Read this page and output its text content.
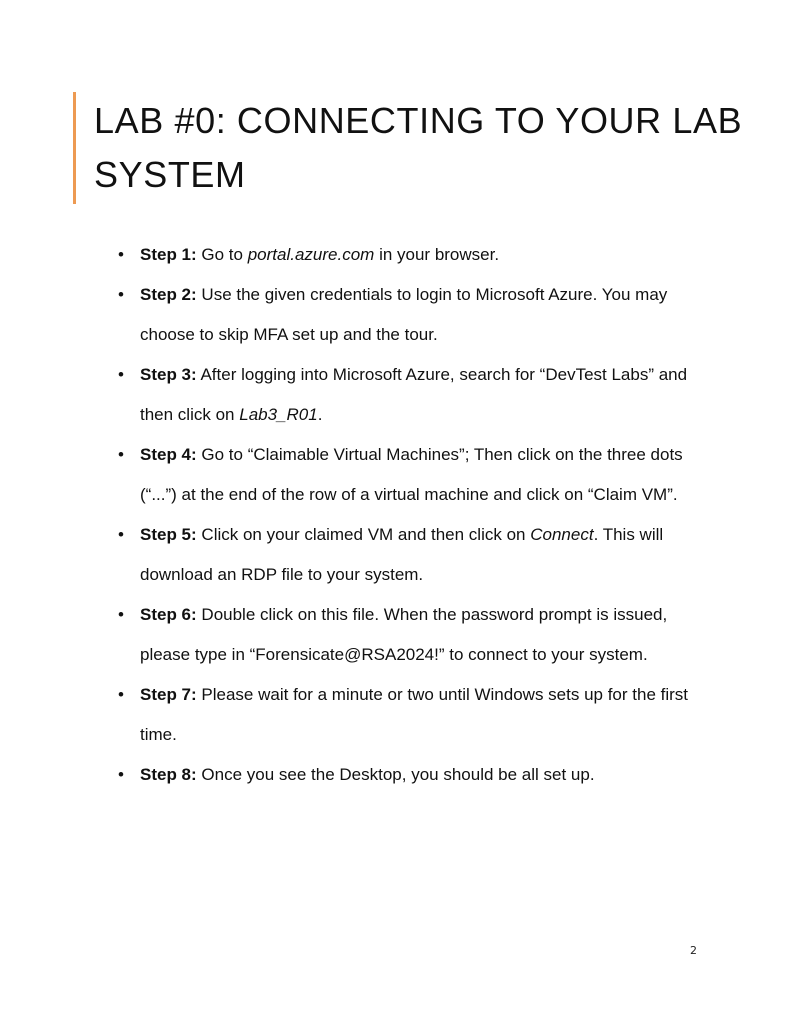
LAB #0: CONNECTING TO YOUR LAB SYSTEM
• Step 1: Go to portal.azure.com in your browser.
• Step 2: Use the given credentials to login to Microsoft Azure. You may choose to skip MFA set up and the tour.
• Step 3: After logging into Microsoft Azure, search for “DevTest Labs” and then click on Lab3_R01.
• Step 4: Go to “Claimable Virtual Machines”; Then click on the three dots (“...”) at the end of the row of a virtual machine and click on “Claim VM”.
• Step 5: Click on your claimed VM and then click on Connect. This will download an RDP file to your system.
• Step 6: Double click on this file. When the password prompt is issued, please type in “Forensicate@RSA2024!” to connect to your system.
• Step 7: Please wait for a minute or two until Windows sets up for the first time.
• Step 8: Once you see the Desktop, you should be all set up.
2
